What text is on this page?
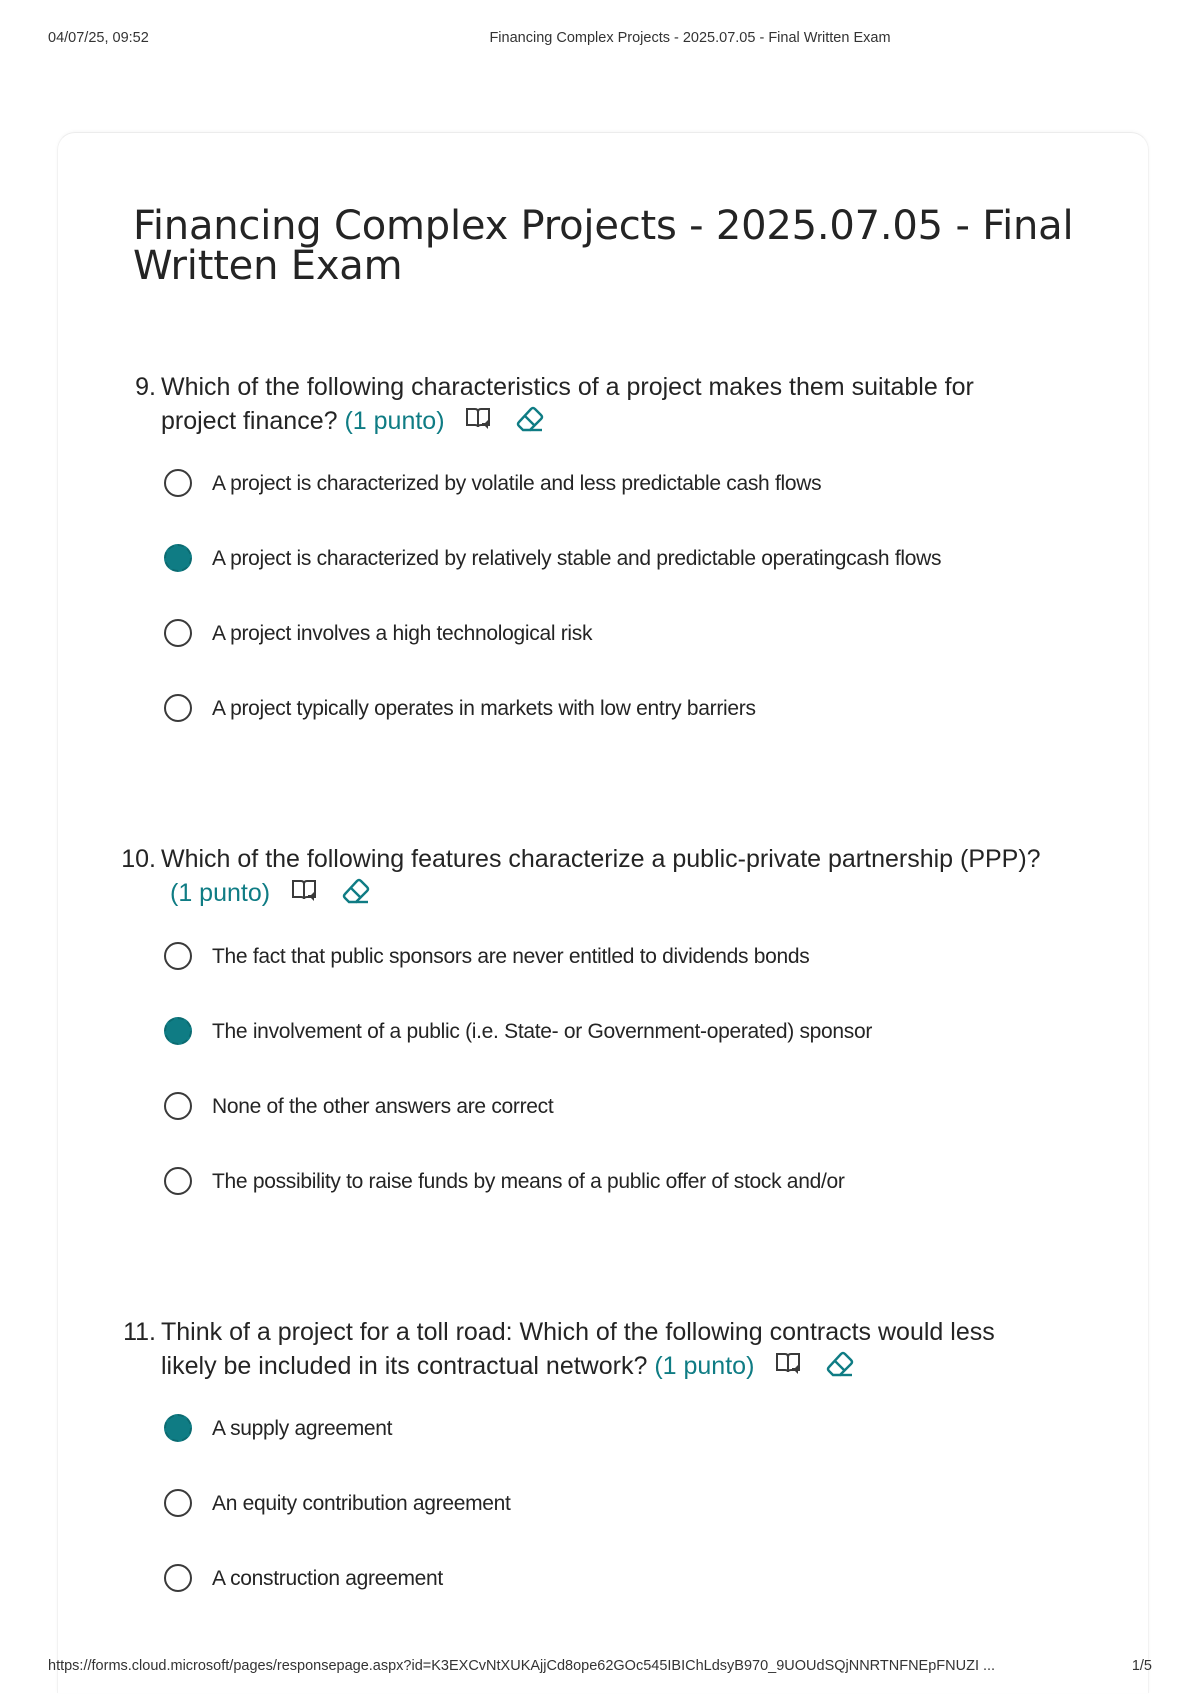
04/07/25, 09:52	Financing Complex Projects - 2025.07.05 - Final Written Exam
Financing Complex Projects - 2025.07.05 - Final Written Exam
9. Which of the following characteristics of a project makes them suitable for
project finance? (1 punto)
A project is characterized by volatile and less predictable cash flows
A project is characterized by relatively stable and predictable operatingcash flows
A project involves a high technological risk
A project typically operates in markets with low entry barriers
10. Which of the following features characterize a public-private partnership (PPP)?
(1 punto)
The fact that public sponsors are never entitled to dividends bonds
The involvement of a public (i.e. State- or Government-operated) sponsor
None of the other answers are correct
The possibility to raise funds by means of a public offer of stock and/or
11. Think of a project for a toll road: Which of the following contracts would less
likely be included in its contractual network? (1 punto)
A supply agreement
An equity contribution agreement
A construction agreement
https://forms.cloud.microsoft/pages/responsepage.aspx?id=K3EXCvNtXUKAjjCd8ope62GOc545IBIChLdsyB970_9UOUdSQjNNRTNFNEpFNUZI ...	1/5
